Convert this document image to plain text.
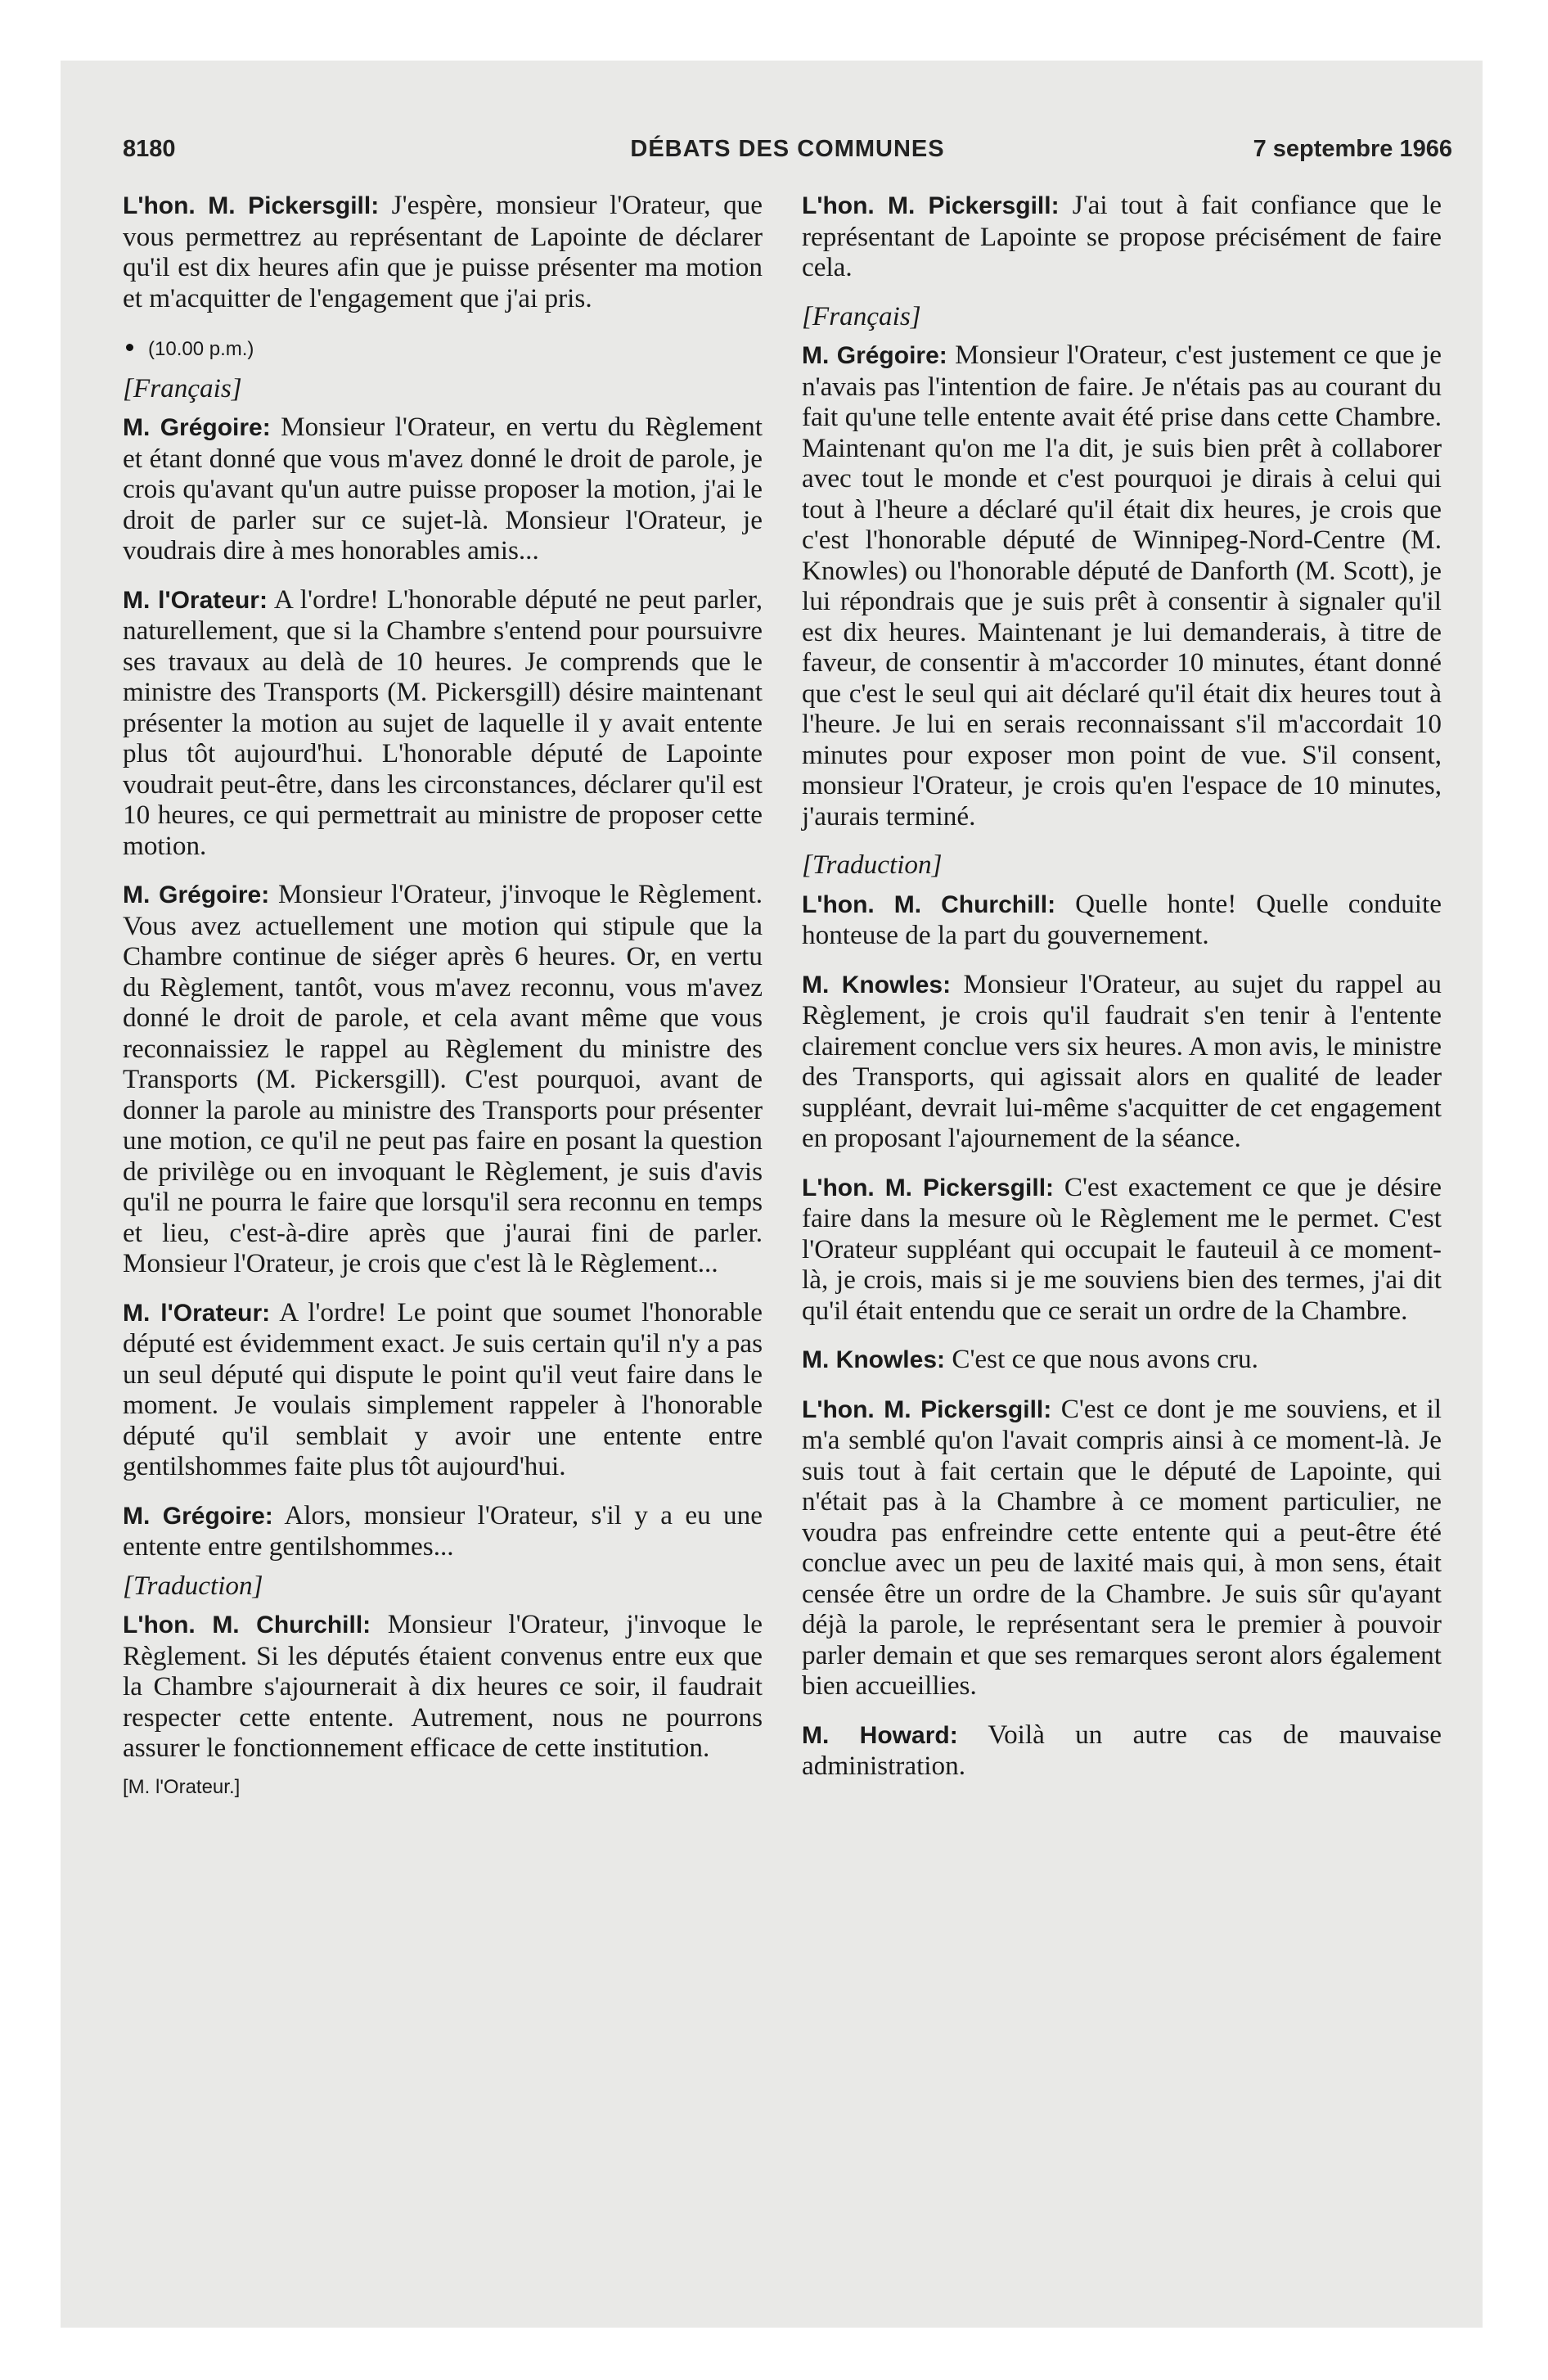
8180	DÉBATS DES COMMUNES	7 septembre 1966

L'hon. M. Pickersgill: J'espère, monsieur l'Orateur, que vous permettrez au représentant de Lapointe de déclarer qu'il est dix heures afin que je puisse présenter ma motion et m'acquitter de l'engagement que j'ai pris.

(10.00 p.m.)

[Français]

M. Grégoire: Monsieur l'Orateur, en vertu du Règlement et étant donné que vous m'avez donné le droit de parole, je crois qu'avant qu'un autre puisse proposer la motion, j'ai le droit de parler sur ce sujet-là. Monsieur l'Orateur, je voudrais dire à mes honorables amis...

M. l'Orateur: A l'ordre! L'honorable député ne peut parler, naturellement, que si la Chambre s'entend pour poursuivre ses travaux au delà de 10 heures. Je comprends que le ministre des Transports (M. Pickersgill) désire maintenant présenter la motion au sujet de laquelle il y avait entente plus tôt aujourd'hui. L'honorable député de Lapointe voudrait peut-être, dans les circonstances, déclarer qu'il est 10 heures, ce qui permettrait au ministre de proposer cette motion.

M. Grégoire: Monsieur l'Orateur, j'invoque le Règlement. Vous avez actuellement une motion qui stipule que la Chambre continue de siéger après 6 heures. Or, en vertu du Règlement, tantôt, vous m'avez reconnu, vous m'avez donné le droit de parole, et cela avant même que vous reconnaissiez le rappel au Règlement du ministre des Transports (M. Pickersgill). C'est pourquoi, avant de donner la parole au ministre des Transports pour présenter une motion, ce qu'il ne peut pas faire en posant la question de privilège ou en invoquant le Règlement, je suis d'avis qu'il ne pourra le faire que lorsqu'il sera reconnu en temps et lieu, c'est-à-dire après que j'aurai fini de parler. Monsieur l'Orateur, je crois que c'est là le Règlement...

M. l'Orateur: A l'ordre! Le point que soumet l'honorable député est évidemment exact. Je suis certain qu'il n'y a pas un seul député qui dispute le point qu'il veut faire dans le moment. Je voulais simplement rappeler à l'honorable député qu'il semblait y avoir une entente entre gentilshommes faite plus tôt aujourd'hui.

M. Grégoire: Alors, monsieur l'Orateur, s'il y a eu une entente entre gentilshommes...

[Traduction]

L'hon. M. Churchill: Monsieur l'Orateur, j'invoque le Règlement. Si les députés étaient convenus entre eux que la Chambre s'ajournerait à dix heures ce soir, il faudrait respecter cette entente. Autrement, nous ne pourrons assurer le fonctionnement efficace de cette institution.

[M. l'Orateur.]

L'hon. M. Pickersgill: J'ai tout à fait confiance que le représentant de Lapointe se propose précisément de faire cela.

[Français]

M. Grégoire: Monsieur l'Orateur, c'est justement ce que je n'avais pas l'intention de faire. Je n'étais pas au courant du fait qu'une telle entente avait été prise dans cette Chambre. Maintenant qu'on me l'a dit, je suis bien prêt à collaborer avec tout le monde et c'est pourquoi je dirais à celui qui tout à l'heure a déclaré qu'il était dix heures, je crois que c'est l'honorable député de Winnipeg-Nord-Centre (M. Knowles) ou l'honorable député de Danforth (M. Scott), je lui répondrais que je suis prêt à consentir à signaler qu'il est dix heures. Maintenant je lui demanderais, à titre de faveur, de consentir à m'accorder 10 minutes, étant donné que c'est le seul qui ait déclaré qu'il était dix heures tout à l'heure. Je lui en serais reconnaissant s'il m'accordait 10 minutes pour exposer mon point de vue. S'il consent, monsieur l'Orateur, je crois qu'en l'espace de 10 minutes, j'aurais terminé.

[Traduction]

L'hon. M. Churchill: Quelle honte! Quelle conduite honteuse de la part du gouvernement.

M. Knowles: Monsieur l'Orateur, au sujet du rappel au Règlement, je crois qu'il faudrait s'en tenir à l'entente clairement conclue vers six heures. A mon avis, le ministre des Transports, qui agissait alors en qualité de leader suppléant, devrait lui-même s'acquitter de cet engagement en proposant l'ajournement de la séance.

L'hon. M. Pickersgill: C'est exactement ce que je désire faire dans la mesure où le Règlement me le permet. C'est l'Orateur suppléant qui occupait le fauteuil à ce moment-là, je crois, mais si je me souviens bien des termes, j'ai dit qu'il était entendu que ce serait un ordre de la Chambre.

M. Knowles: C'est ce que nous avons cru.

L'hon. M. Pickersgill: C'est ce dont je me souviens, et il m'a semblé qu'on l'avait compris ainsi à ce moment-là. Je suis tout à fait certain que le député de Lapointe, qui n'était pas à la Chambre à ce moment particulier, ne voudra pas enfreindre cette entente qui a peut-être été conclue avec un peu de laxité mais qui, à mon sens, était censée être un ordre de la Chambre. Je suis sûr qu'ayant déjà la parole, le représentant sera le premier à pouvoir parler demain et que ses remarques seront alors également bien accueillies.

M. Howard: Voilà un autre cas de mauvaise administration.
